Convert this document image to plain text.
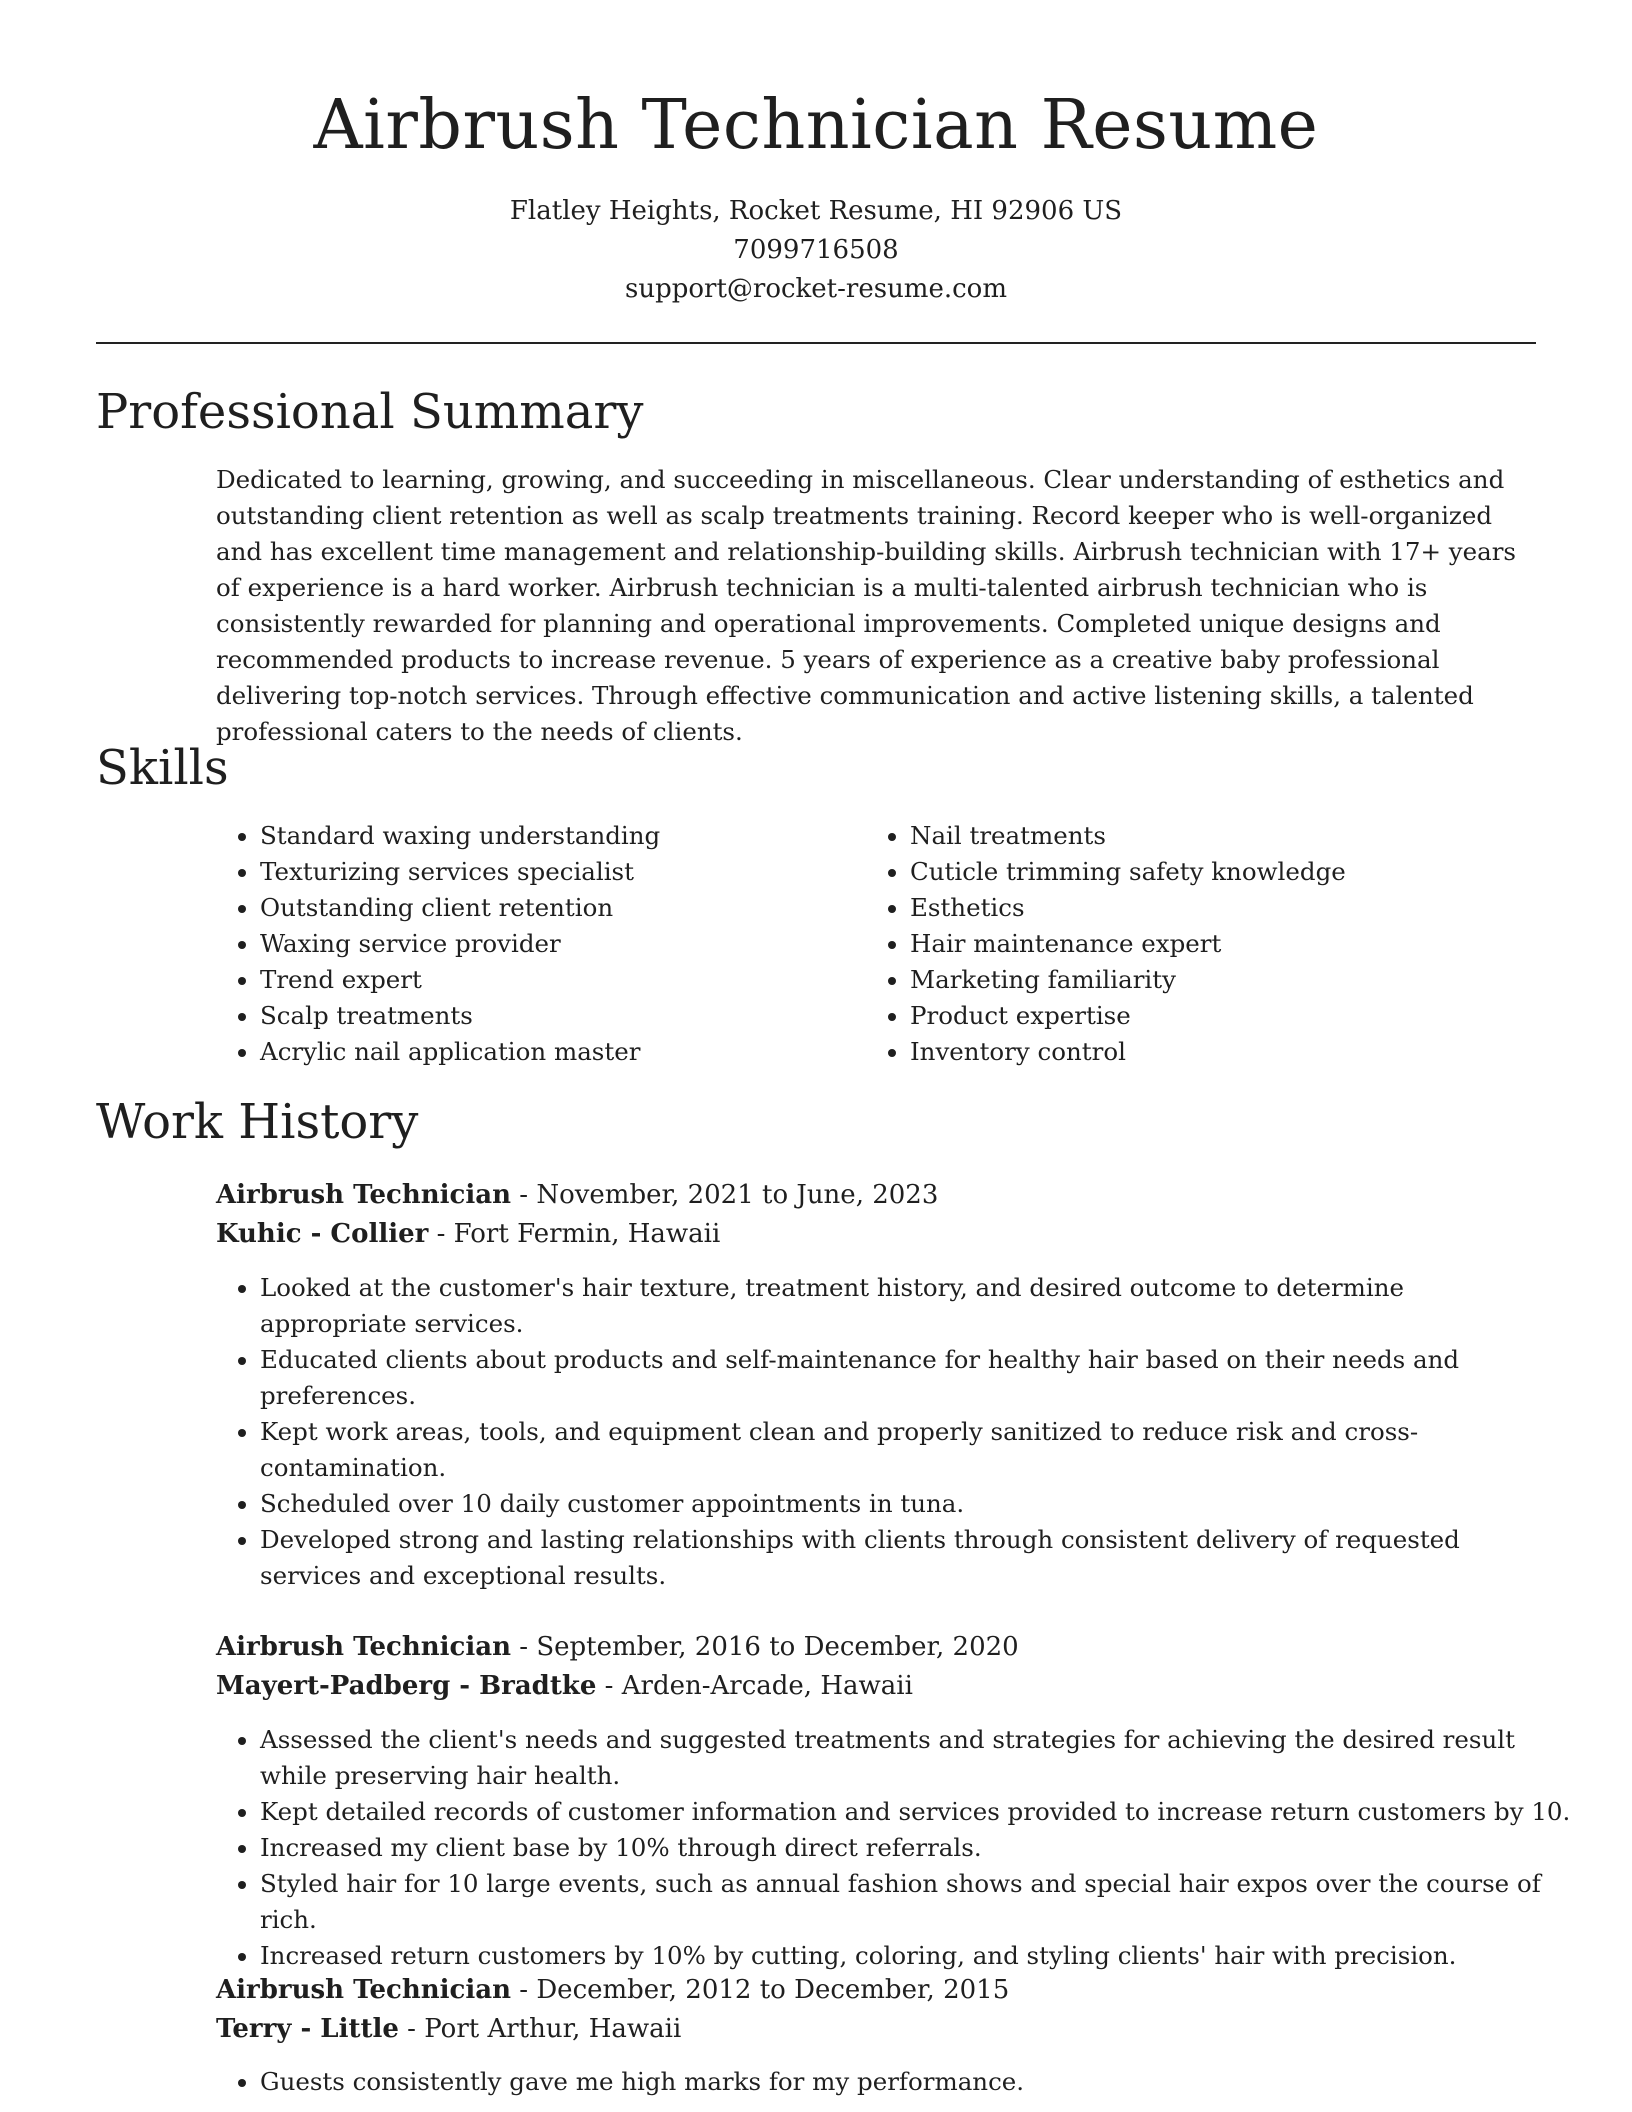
Airbrush Technician Resume
Flatley Heights, Rocket Resume, HI 92906 US
7099716508
support@rocket-resume.com
Professional Summary

Dedicated to learning, growing, and succeeding in miscellaneous. Clear understanding of esthetics and outstanding client retention as well as scalp treatments training. Record keeper who is well-organized and has excellent time management and relationship-building skills. Airbrush technician with 17+ years of experience is a hard worker. Airbrush technician is a multi-talented airbrush technician who is consistently rewarded for planning and operational improvements. Completed unique designs and recommended products to increase revenue. 5 years of experience as a creative baby professional delivering top-notch services. Through effective communication and active listening skills, a talented professional caters to the needs of clients.

Skills
• Standard waxing understanding
• Texturizing services specialist
• Outstanding client retention
• Waxing service provider
• Trend expert
• Scalp treatments
• Acrylic nail application master
• Nail treatments
• Cuticle trimming safety knowledge
• Esthetics
• Hair maintenance expert
• Marketing familiarity
• Product expertise
• Inventory control
Work History
Airbrush Technician - November, 2021 to June, 2023
Kuhic - Collier - Fort Fermin, Hawaii
• Looked at the customer's hair texture, treatment history, and desired outcome to determine appropriate services.
• Educated clients about products and self-maintenance for healthy hair based on their needs and preferences.
• Kept work areas, tools, and equipment clean and properly sanitized to reduce risk and cross-contamination.
• Scheduled over 10 daily customer appointments in tuna.
• Developed strong and lasting relationships with clients through consistent delivery of requested services and exceptional results.
Airbrush Technician - September, 2016 to December, 2020
Mayert-Padberg - Bradtke - Arden-Arcade, Hawaii
• Assessed the client's needs and suggested treatments and strategies for achieving the desired result while preserving hair health.
• Kept detailed records of customer information and services provided to increase return customers by 10.
• Increased my client base by 10% through direct referrals.
• Styled hair for 10 large events, such as annual fashion shows and special hair expos over the course of rich.
• Increased return customers by 10% by cutting, coloring, and styling clients' hair with precision.
Airbrush Technician - December, 2012 to December, 2015
Terry - Little - Port Arthur, Hawaii
• Guests consistently gave me high marks for my performance.
